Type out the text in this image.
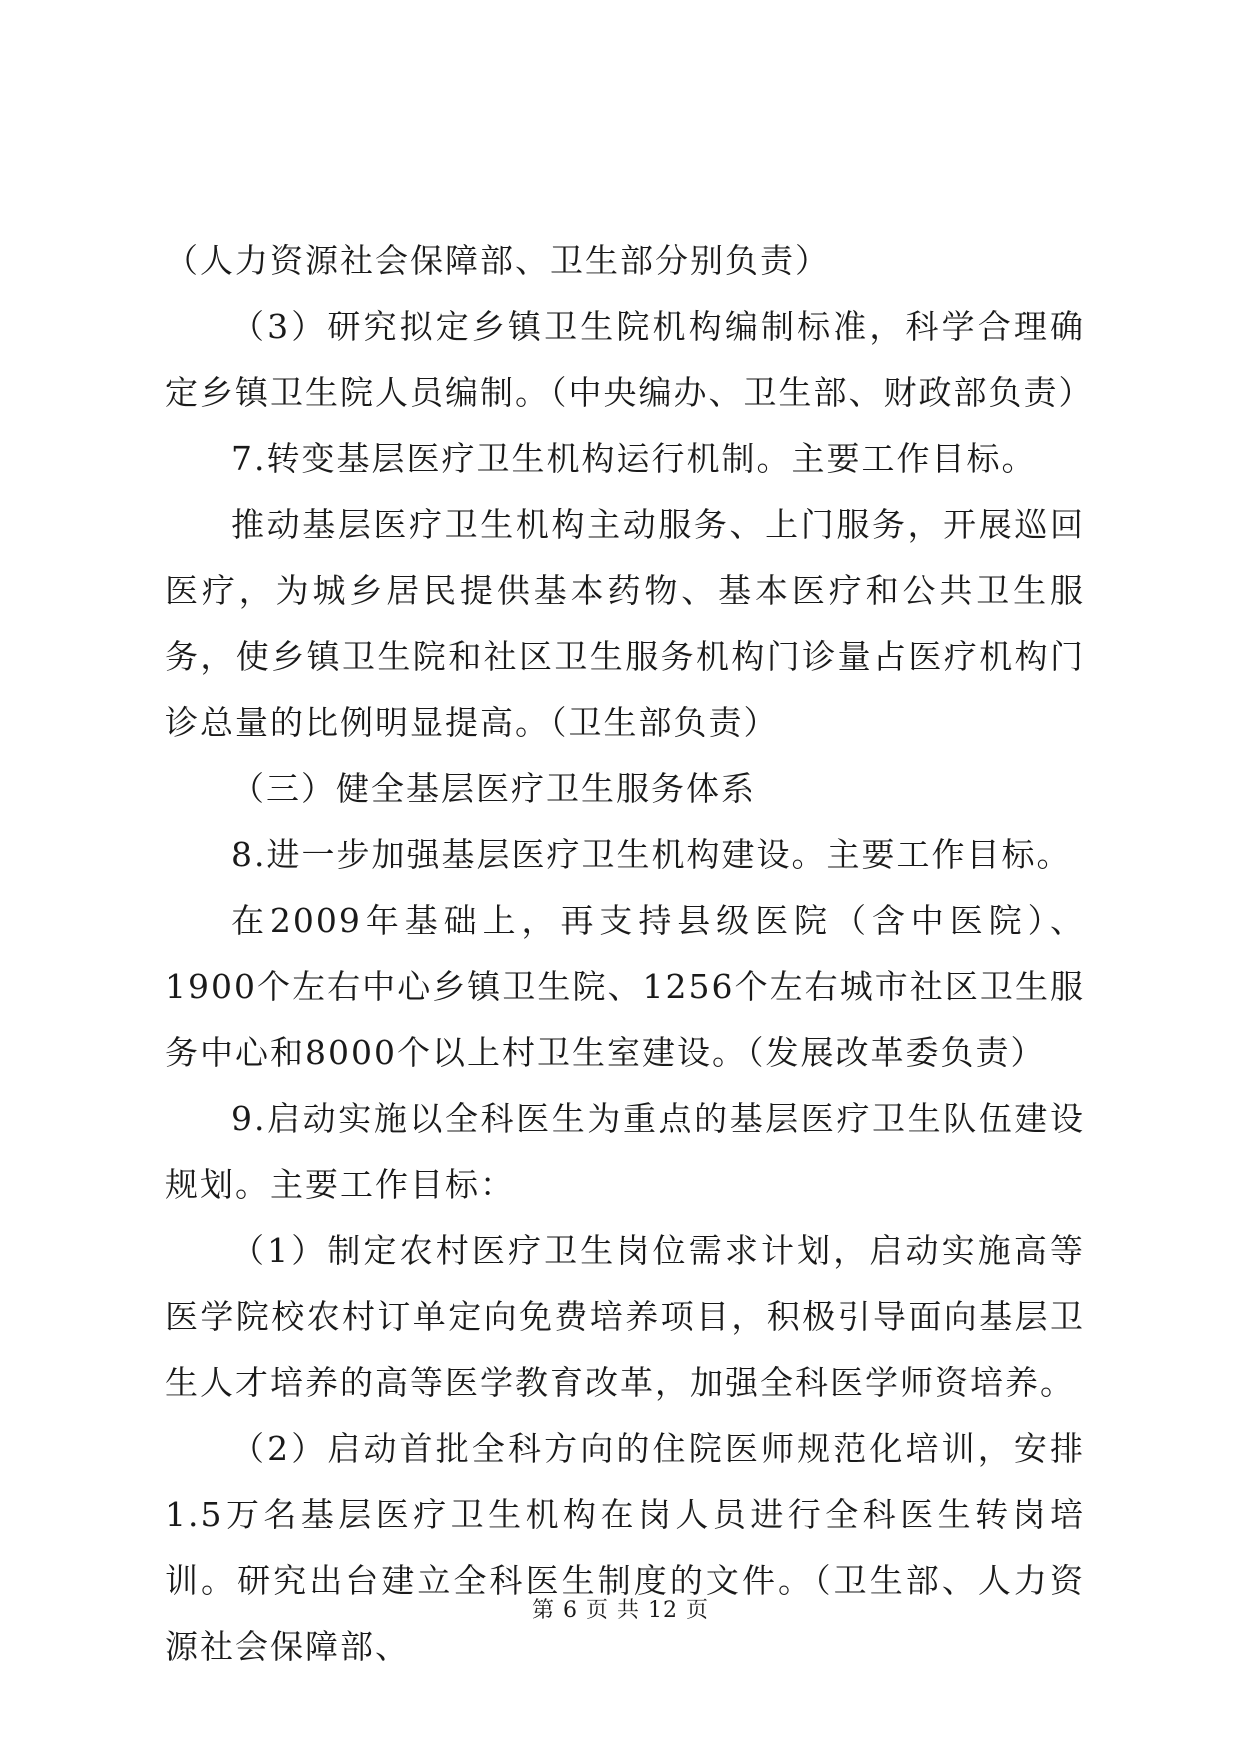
（人力资源社会保障部、卫生部分别负责）

（3）研究拟定乡镇卫生院机构编制标准，科学合理确定乡镇卫生院人员编制。（中央编办、卫生部、财政部负责）

7.转变基层医疗卫生机构运行机制。主要工作目标。

推动基层医疗卫生机构主动服务、上门服务，开展巡回医疗，为城乡居民提供基本药物、基本医疗和公共卫生服务，使乡镇卫生院和社区卫生服务机构门诊量占医疗机构门诊总量的比例明显提高。（卫生部负责）

（三）健全基层医疗卫生服务体系

8.进一步加强基层医疗卫生机构建设。主要工作目标。

在2009年基础上，再支持县级医院（含中医院）、1900个左右中心乡镇卫生院、1256个左右城市社区卫生服务中心和8000个以上村卫生室建设。（发展改革委负责）

9.启动实施以全科医生为重点的基层医疗卫生队伍建设规划。主要工作目标：

（1）制定农村医疗卫生岗位需求计划，启动实施高等医学院校农村订单定向免费培养项目，积极引导面向基层卫生人才培养的高等医学教育改革，加强全科医学师资培养。

（2）启动首批全科方向的住院医师规范化培训，安排1.5万名基层医疗卫生机构在岗人员进行全科医生转岗培训。研究出台建立全科医生制度的文件。（卫生部、人力资源社会保障部、

第 6 页 共 12 页
